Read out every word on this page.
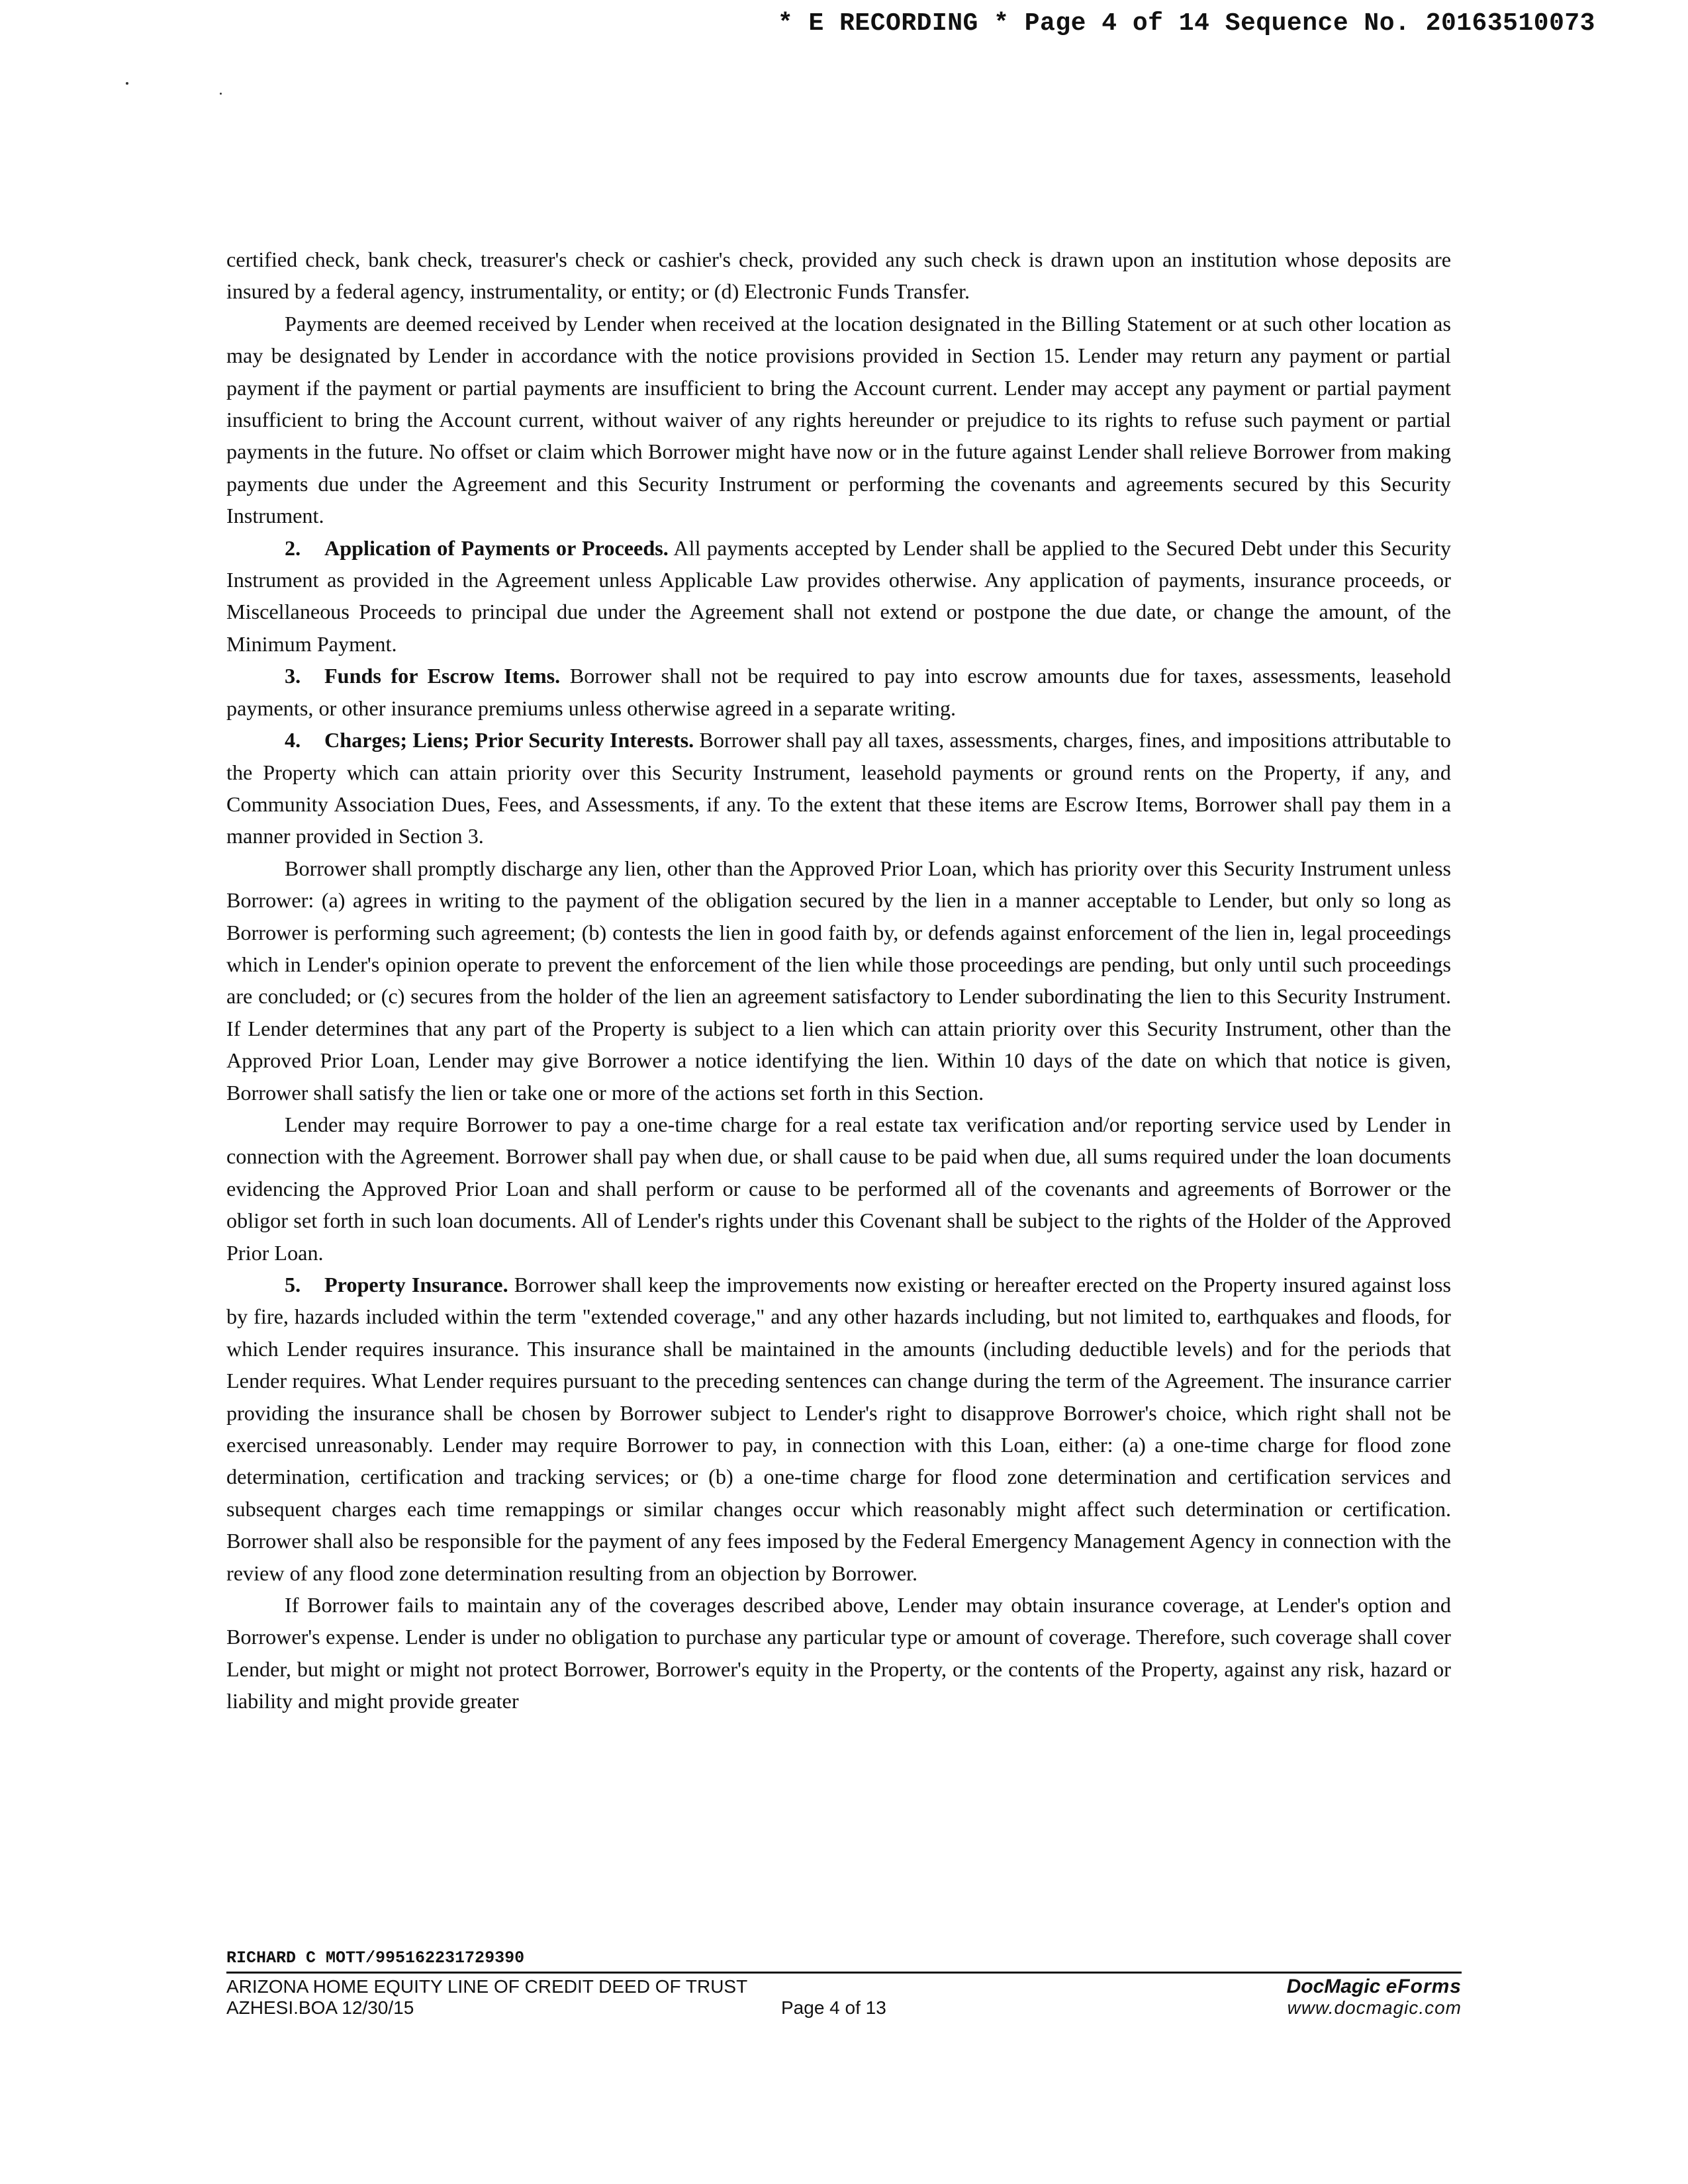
* E RECORDING * Page 4 of 14 Sequence No. 20163510073

certified check, bank check, treasurer's check or cashier's check, provided any such check is drawn upon an institution whose deposits are insured by a federal agency, instrumentality, or entity; or (d) Electronic Funds Transfer.

Payments are deemed received by Lender when received at the location designated in the Billing Statement or at such other location as may be designated by Lender in accordance with the notice provisions provided in Section 15. Lender may return any payment or partial payment if the payment or partial payments are insufficient to bring the Account current. Lender may accept any payment or partial payment insufficient to bring the Account current, without waiver of any rights hereunder or prejudice to its rights to refuse such payment or partial payments in the future. No offset or claim which Borrower might have now or in the future against Lender shall relieve Borrower from making payments due under the Agreement and this Security Instrument or performing the covenants and agreements secured by this Security Instrument.

2. Application of Payments or Proceeds. All payments accepted by Lender shall be applied to the Secured Debt under this Security Instrument as provided in the Agreement unless Applicable Law provides otherwise. Any application of payments, insurance proceeds, or Miscellaneous Proceeds to principal due under the Agreement shall not extend or postpone the due date, or change the amount, of the Minimum Payment.

3. Funds for Escrow Items. Borrower shall not be required to pay into escrow amounts due for taxes, assessments, leasehold payments, or other insurance premiums unless otherwise agreed in a separate writing.

4. Charges; Liens; Prior Security Interests. Borrower shall pay all taxes, assessments, charges, fines, and impositions attributable to the Property which can attain priority over this Security Instrument, leasehold payments or ground rents on the Property, if any, and Community Association Dues, Fees, and Assessments, if any. To the extent that these items are Escrow Items, Borrower shall pay them in a manner provided in Section 3.

Borrower shall promptly discharge any lien, other than the Approved Prior Loan, which has priority over this Security Instrument unless Borrower: (a) agrees in writing to the payment of the obligation secured by the lien in a manner acceptable to Lender, but only so long as Borrower is performing such agreement; (b) contests the lien in good faith by, or defends against enforcement of the lien in, legal proceedings which in Lender's opinion operate to prevent the enforcement of the lien while those proceedings are pending, but only until such proceedings are concluded; or (c) secures from the holder of the lien an agreement satisfactory to Lender subordinating the lien to this Security Instrument. If Lender determines that any part of the Property is subject to a lien which can attain priority over this Security Instrument, other than the Approved Prior Loan, Lender may give Borrower a notice identifying the lien. Within 10 days of the date on which that notice is given, Borrower shall satisfy the lien or take one or more of the actions set forth in this Section.

Lender may require Borrower to pay a one-time charge for a real estate tax verification and/or reporting service used by Lender in connection with the Agreement. Borrower shall pay when due, or shall cause to be paid when due, all sums required under the loan documents evidencing the Approved Prior Loan and shall perform or cause to be performed all of the covenants and agreements of Borrower or the obligor set forth in such loan documents. All of Lender's rights under this Covenant shall be subject to the rights of the Holder of the Approved Prior Loan.

5. Property Insurance. Borrower shall keep the improvements now existing or hereafter erected on the Property insured against loss by fire, hazards included within the term "extended coverage," and any other hazards including, but not limited to, earthquakes and floods, for which Lender requires insurance. This insurance shall be maintained in the amounts (including deductible levels) and for the periods that Lender requires. What Lender requires pursuant to the preceding sentences can change during the term of the Agreement. The insurance carrier providing the insurance shall be chosen by Borrower subject to Lender's right to disapprove Borrower's choice, which right shall not be exercised unreasonably. Lender may require Borrower to pay, in connection with this Loan, either: (a) a one-time charge for flood zone determination, certification and tracking services; or (b) a one-time charge for flood zone determination and certification services and subsequent charges each time remappings or similar changes occur which reasonably might affect such determination or certification. Borrower shall also be responsible for the payment of any fees imposed by the Federal Emergency Management Agency in connection with the review of any flood zone determination resulting from an objection by Borrower.

If Borrower fails to maintain any of the coverages described above, Lender may obtain insurance coverage, at Lender's option and Borrower's expense. Lender is under no obligation to purchase any particular type or amount of coverage. Therefore, such coverage shall cover Lender, but might or might not protect Borrower, Borrower's equity in the Property, or the contents of the Property, against any risk, hazard or liability and might provide greater

RICHARD C MOTT/995162231729390
ARIZONA HOME EQUITY LINE OF CREDIT DEED OF TRUST
AZHESI.BOA 12/30/15	Page 4 of 13
DocMagic eForms
www.docmagic.com
